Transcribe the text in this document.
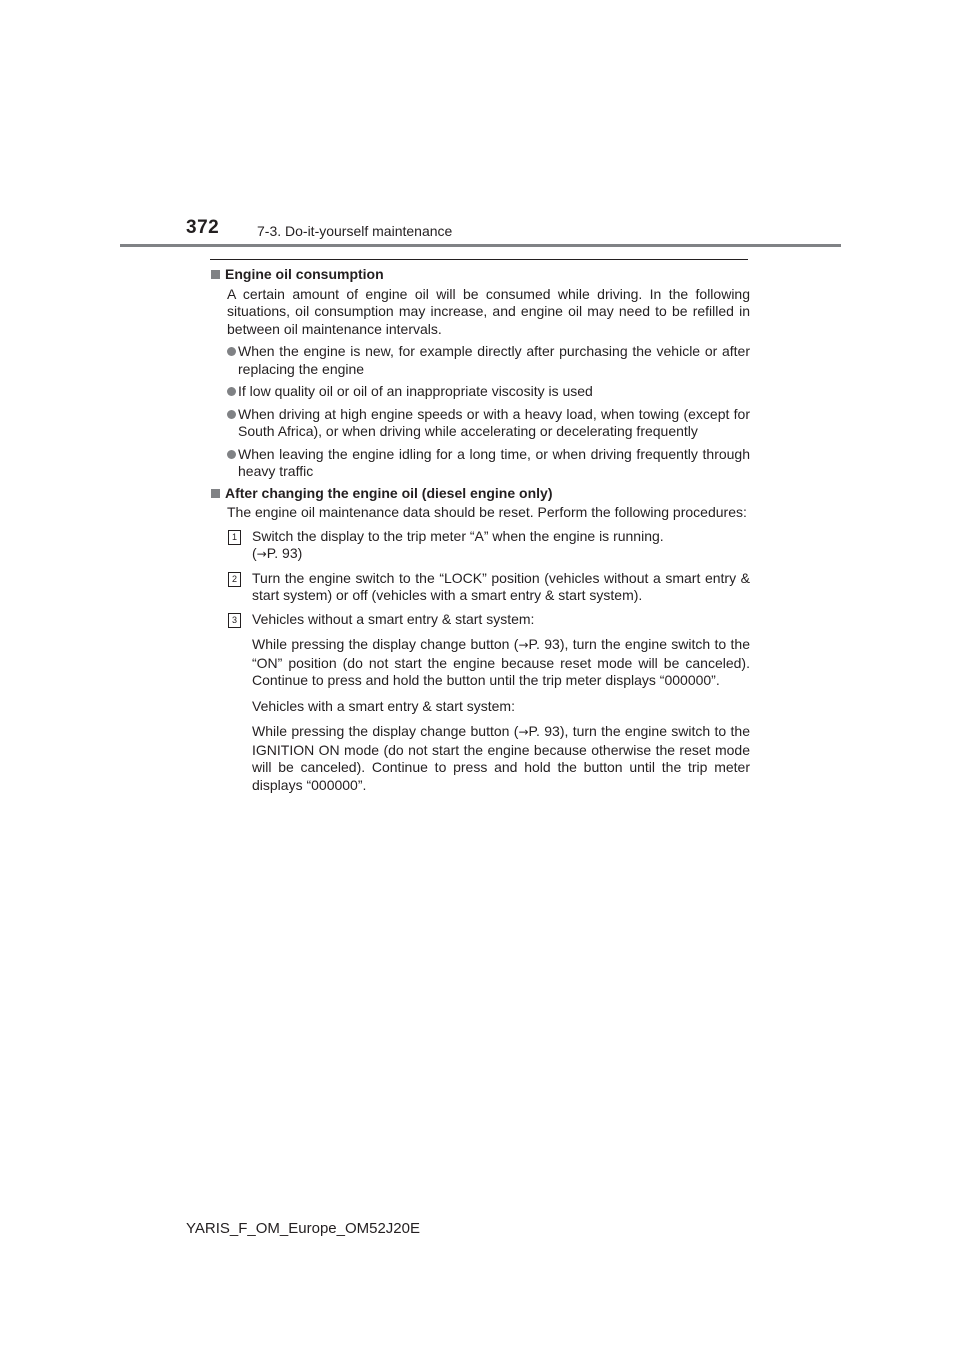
372	7-3. Do-it-yourself maintenance
Engine oil consumption
A certain amount of engine oil will be consumed while driving. In the following situations, oil consumption may increase, and engine oil may need to be refilled in between oil maintenance intervals.
When the engine is new, for example directly after purchasing the vehicle or after replacing the engine
If low quality oil or oil of an inappropriate viscosity is used
When driving at high engine speeds or with a heavy load, when towing (except for South Africa), or when driving while accelerating or decelerating frequently
When leaving the engine idling for a long time, or when driving frequently through heavy traffic
After changing the engine oil (diesel engine only)
The engine oil maintenance data should be reset. Perform the following procedures:
1 Switch the display to the trip meter “A” when the engine is running.
(→P. 93)
2 Turn the engine switch to the “LOCK” position (vehicles without a smart entry & start system) or off (vehicles with a smart entry & start system).
3 Vehicles without a smart entry & start system:
While pressing the display change button (→P. 93), turn the engine switch to the “ON” position (do not start the engine because reset mode will be canceled). Continue to press and hold the button until the trip meter displays “000000”.
Vehicles with a smart entry & start system:
While pressing the display change button (→P. 93), turn the engine switch to the IGNITION ON mode (do not start the engine because otherwise the reset mode will be canceled). Continue to press and hold the button until the trip meter displays “000000”.
YARIS_F_OM_Europe_OM52J20E
